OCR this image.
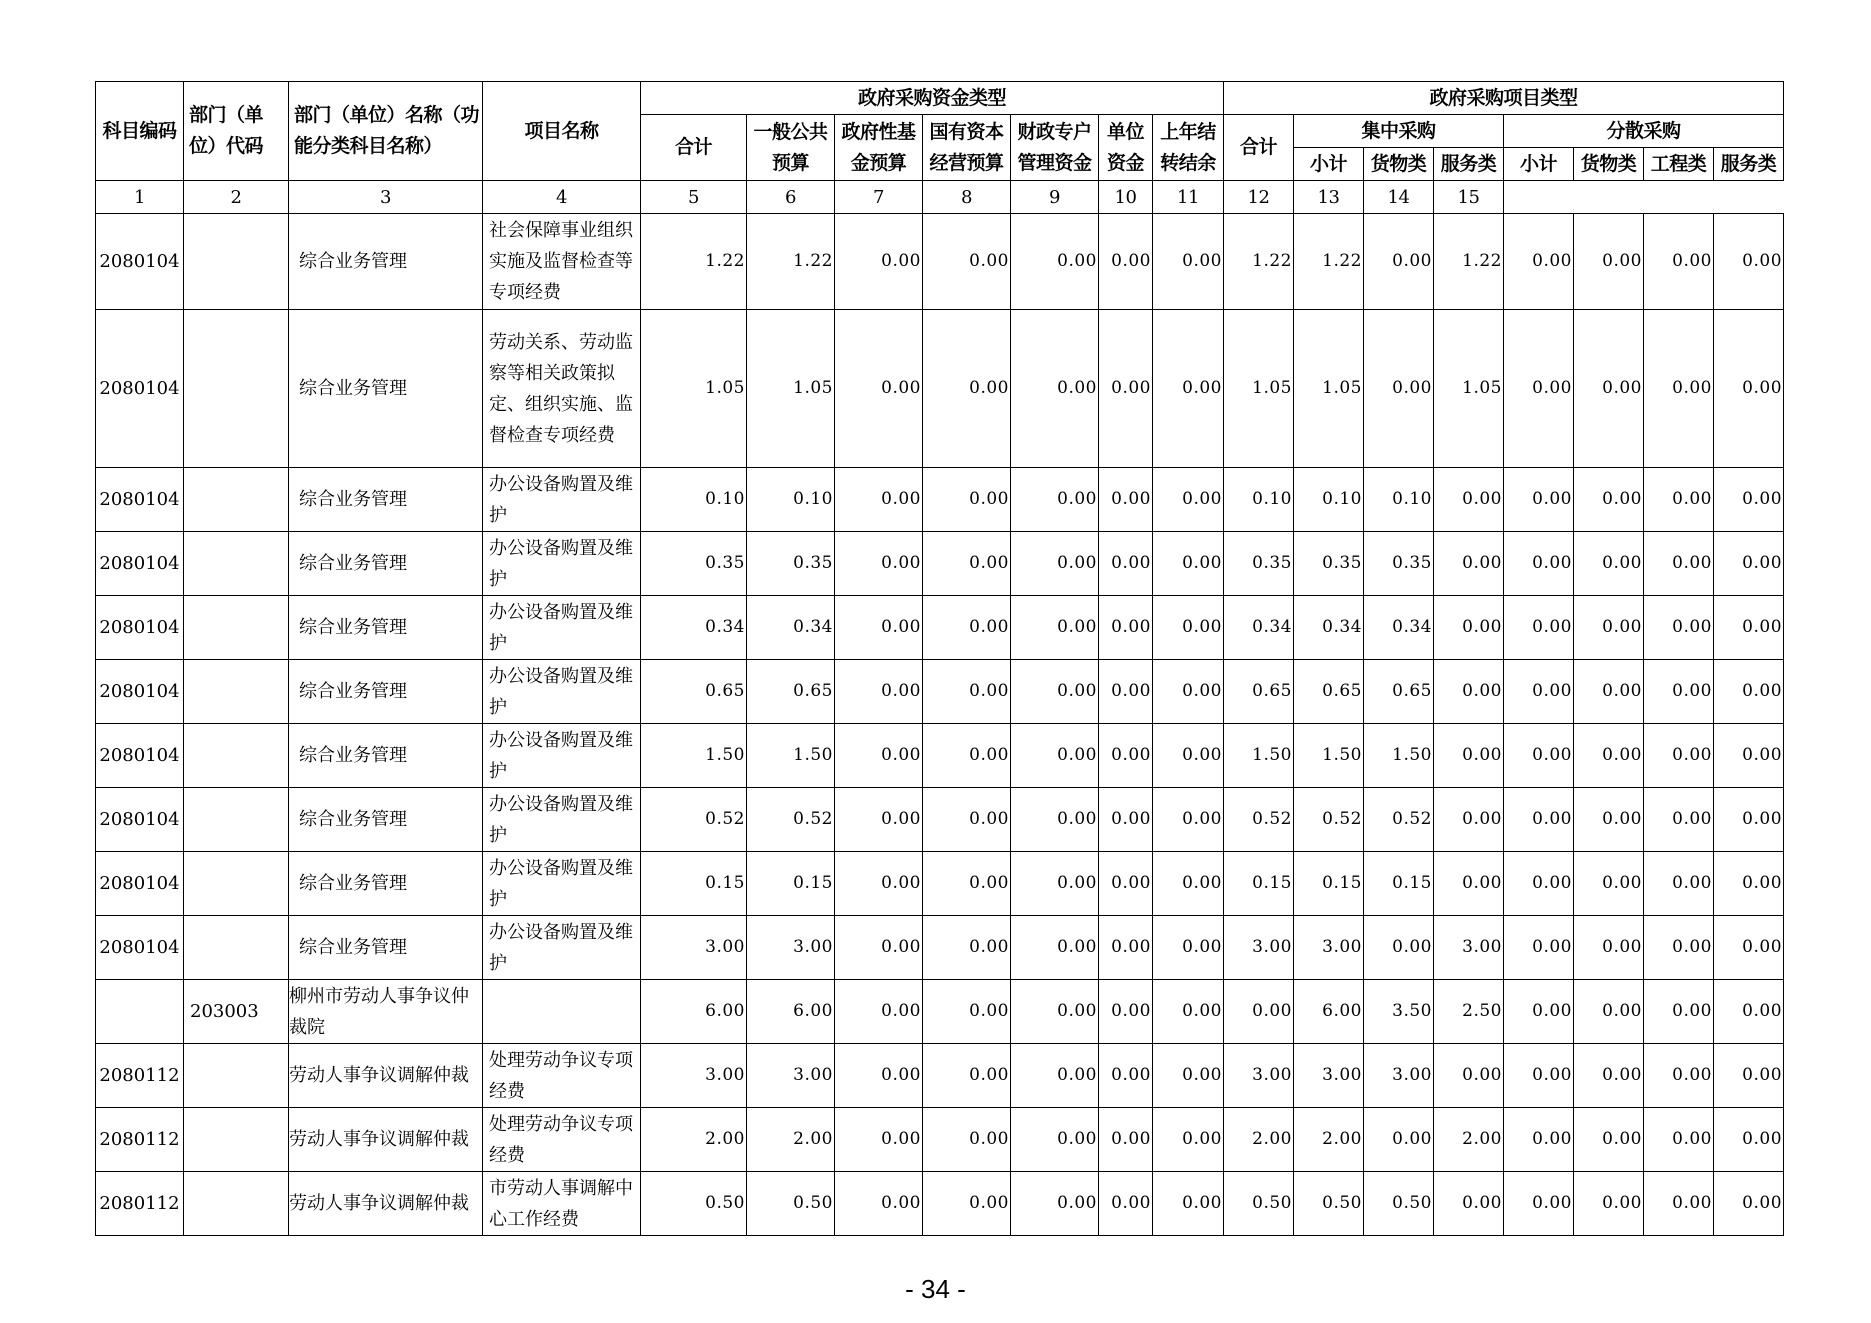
科目编码	部门（单位）代码	部门（单位）名称（功能分类科目名称）	项目名称	政府采购资金类型							政府采购项目类型							
				合计	一般公共预算	政府性基金预算	国有资本经营预算	财政专户管理资金	单位资金	上年结转结余	合计	集中采购			分散采购			
												小计	货物类	服务类	小计	货物类	工程类	服务类
1	2	3	4	5	6	7	8	9	10	11	12	13	14	15				
2080104		综合业务管理	社会保障事业组织实施及监督检查等专项经费	1.22	1.22	0.00	0.00	0.00	0.00	0.00	1.22	1.22	0.00	1.22	0.00	0.00	0.00	0.00
2080104		综合业务管理	劳动关系、劳动监察等相关政策拟定、组织实施、监督检查专项经费	1.05	1.05	0.00	0.00	0.00	0.00	0.00	1.05	1.05	0.00	1.05	0.00	0.00	0.00	0.00
2080104		综合业务管理	办公设备购置及维护	0.10	0.10	0.00	0.00	0.00	0.00	0.00	0.10	0.10	0.10	0.00	0.00	0.00	0.00	0.00
2080104		综合业务管理	办公设备购置及维护	0.35	0.35	0.00	0.00	0.00	0.00	0.00	0.35	0.35	0.35	0.00	0.00	0.00	0.00	0.00
2080104		综合业务管理	办公设备购置及维护	0.34	0.34	0.00	0.00	0.00	0.00	0.00	0.34	0.34	0.34	0.00	0.00	0.00	0.00	0.00
2080104		综合业务管理	办公设备购置及维护	0.65	0.65	0.00	0.00	0.00	0.00	0.00	0.65	0.65	0.65	0.00	0.00	0.00	0.00	0.00
2080104		综合业务管理	办公设备购置及维护	1.50	1.50	0.00	0.00	0.00	0.00	0.00	1.50	1.50	1.50	0.00	0.00	0.00	0.00	0.00
2080104		综合业务管理	办公设备购置及维护	0.52	0.52	0.00	0.00	0.00	0.00	0.00	0.52	0.52	0.52	0.00	0.00	0.00	0.00	0.00
2080104		综合业务管理	办公设备购置及维护	0.15	0.15	0.00	0.00	0.00	0.00	0.00	0.15	0.15	0.15	0.00	0.00	0.00	0.00	0.00
2080104		综合业务管理	办公设备购置及维护	3.00	3.00	0.00	0.00	0.00	0.00	0.00	3.00	3.00	0.00	3.00	0.00	0.00	0.00	0.00
	203003	柳州市劳动人事争议仲裁院		6.00	6.00	0.00	0.00	0.00	0.00	0.00	0.00	6.00	3.50	2.50	0.00	0.00	0.00	0.00
2080112		劳动人事争议调解仲裁	处理劳动争议专项经费	3.00	3.00	0.00	0.00	0.00	0.00	0.00	3.00	3.00	3.00	0.00	0.00	0.00	0.00	0.00
2080112		劳动人事争议调解仲裁	处理劳动争议专项经费	2.00	2.00	0.00	0.00	0.00	0.00	0.00	2.00	2.00	0.00	2.00	0.00	0.00	0.00	0.00
2080112		劳动人事争议调解仲裁	市劳动人事调解中心工作经费	0.50	0.50	0.00	0.00	0.00	0.00	0.00	0.50	0.50	0.50	0.00	0.00	0.00	0.00	0.00
- 34 -
